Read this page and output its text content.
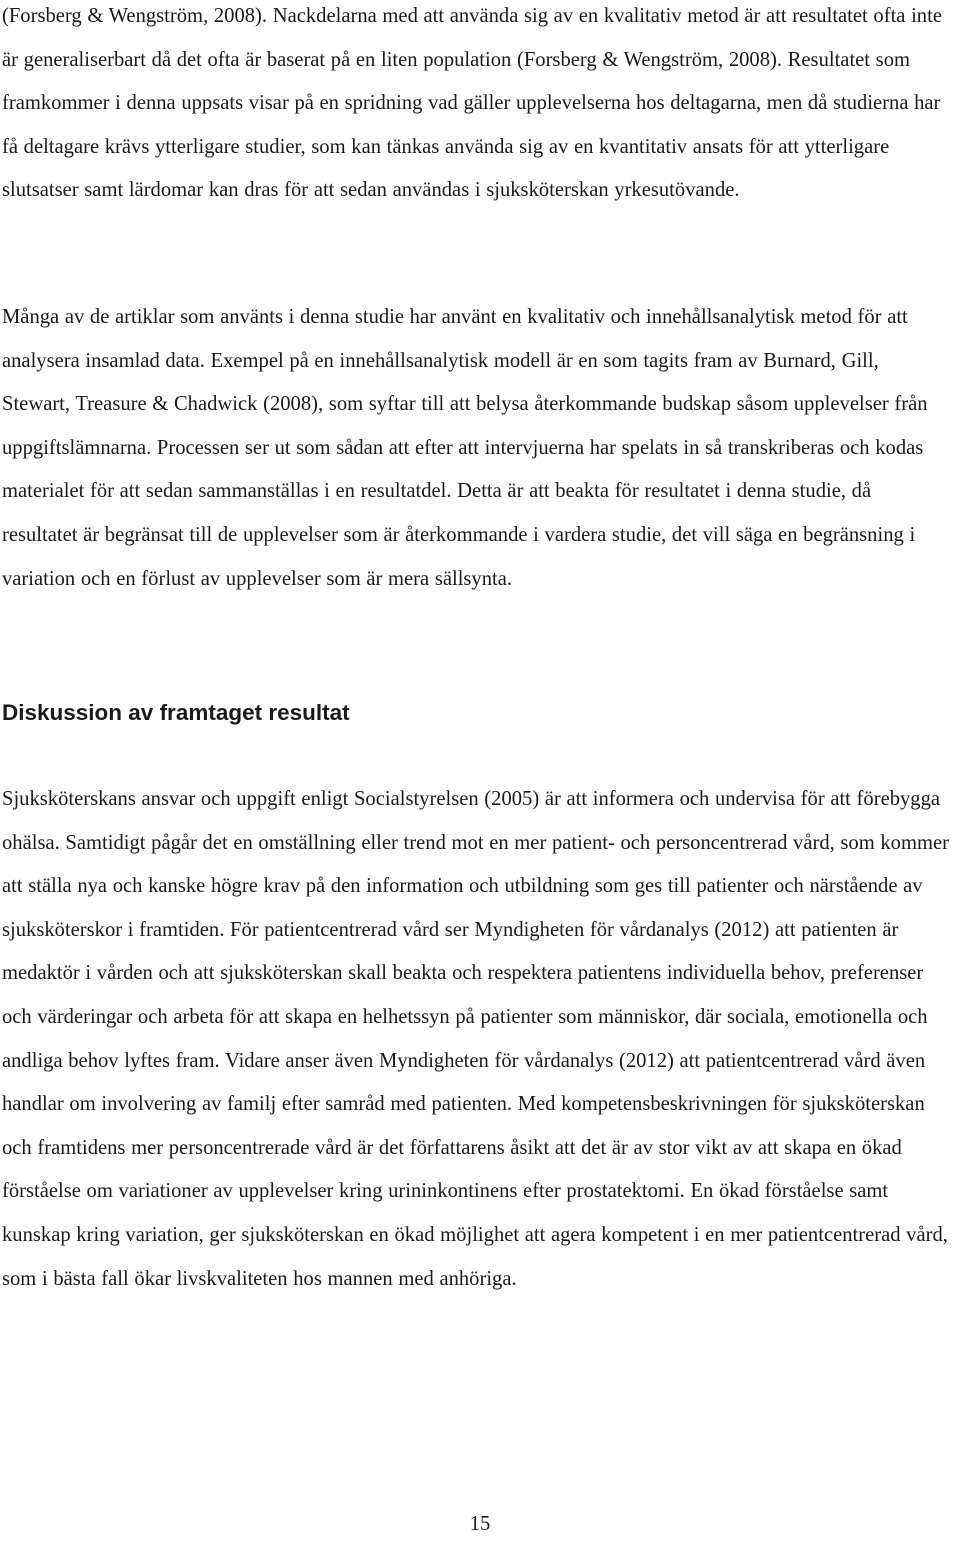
(Forsberg & Wengström, 2008). Nackdelarna med att använda sig av en kvalitativ metod är att resultatet ofta inte är generaliserbart då det ofta är baserat på en liten population (Forsberg & Wengström, 2008). Resultatet som framkommer i denna uppsats visar på en spridning vad gäller upplevelserna hos deltagarna, men då studierna har få deltagare krävs ytterligare studier, som kan tänkas använda sig av en kvantitativ ansats för att ytterligare slutsatser samt lärdomar kan dras för att sedan användas i sjuksköterskan yrkesutövande.

Många av de artiklar som använts i denna studie har använt en kvalitativ och innehållsanalytisk metod för att analysera insamlad data. Exempel på en innehållsanalytisk modell är en som tagits fram av Burnard, Gill, Stewart, Treasure & Chadwick (2008), som syftar till att belysa återkommande budskap såsom upplevelser från uppgiftslämnarna. Processen ser ut som sådan att efter att intervjuerna har spelats in så transkriberas och kodas materialet för att sedan sammanställas i en resultatdel. Detta är att beakta för resultatet i denna studie, då resultatet är begränsat till de upplevelser som är återkommande i vardera studie, det vill säga en begränsning i variation och en förlust av upplevelser som är mera sällsynta.

Diskussion av framtaget resultat

Sjuksköterskans ansvar och uppgift enligt Socialstyrelsen (2005) är att informera och undervisa för att förebygga ohälsa. Samtidigt pågår det en omställning eller trend mot en mer patient- och personcentrerad vård, som kommer att ställa nya och kanske högre krav på den information och utbildning som ges till patienter och närstående av sjuksköterskor i framtiden. För patientcentrerad vård ser Myndigheten för vårdanalys (2012) att patienten är medaktör i vården och att sjuksköterskan skall beakta och respektera patientens individuella behov, preferenser och värderingar och arbeta för att skapa en helhetssyn på patienter som människor, där sociala, emotionella och andliga behov lyftes fram. Vidare anser även Myndigheten för vårdanalys (2012) att patientcentrerad vård även handlar om involvering av familj efter samråd med patienten. Med kompetensbeskrivningen för sjuksköterskan och framtidens mer personcentrerade vård är det författarens åsikt att det är av stor vikt av att skapa en ökad förståelse om variationer av upplevelser kring urininkontinens efter prostatektomi. En ökad förståelse samt kunskap kring variation, ger sjuksköterskan en ökad möjlighet att agera kompetent i en mer patientcentrerad vård, som i bästa fall ökar livskvaliteten hos mannen med anhöriga.

15
